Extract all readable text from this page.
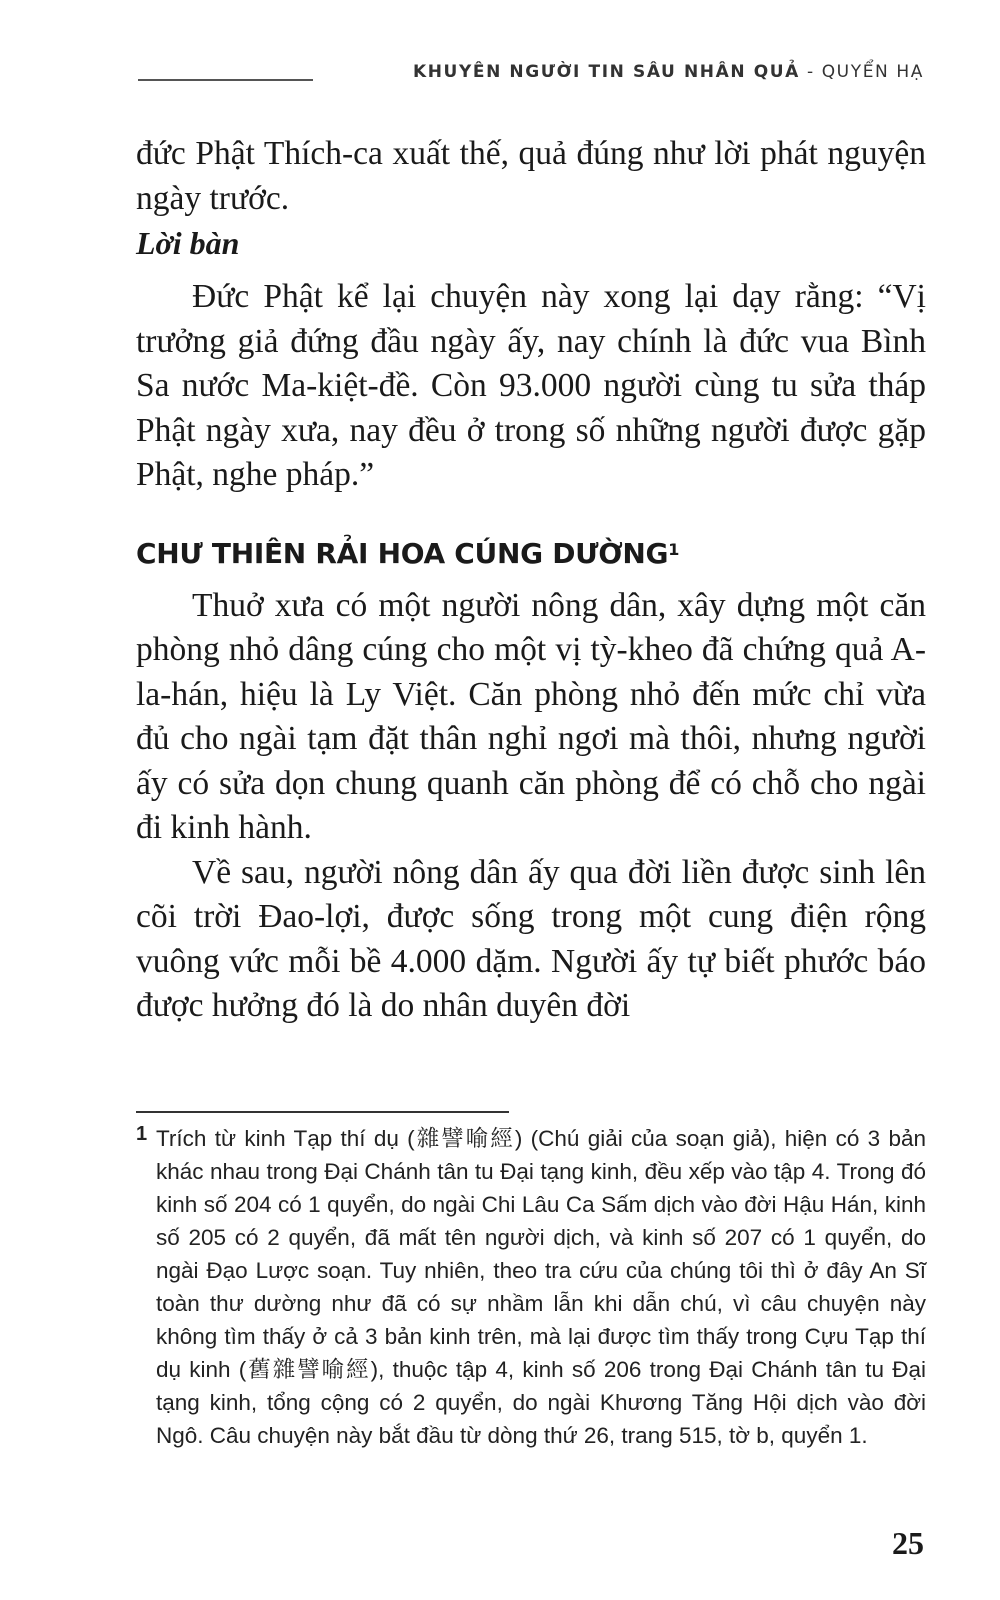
KHUYÊN NGƯỜI TIN SÂU NHÂN QUẢ - QUYỂN HẠ

đức Phật Thích-ca xuất thế, quả đúng như lời phát nguyện ngày trước.

Lời bàn

Đức Phật kể lại chuyện này xong lại dạy rằng: “Vị trưởng giả đứng đầu ngày ấy, nay chính là đức vua Bình Sa nước Ma-kiệt-đề. Còn 93.000 người cùng tu sửa tháp Phật ngày xưa, nay đều ở trong số những người được gặp Phật, nghe pháp.”

CHƯ THIÊN RẢI HOA CÚNG DƯỜNG$^1$

Thuở xưa có một người nông dân, xây dựng một căn phòng nhỏ dâng cúng cho một vị tỳ-kheo đã chứng quả A-la-hán, hiệu là Ly Việt. Căn phòng nhỏ đến mức chỉ vừa đủ cho ngài tạm đặt thân nghỉ ngơi mà thôi, nhưng người ấy có sửa dọn chung quanh căn phòng để có chỗ cho ngài đi kinh hành.

Về sau, người nông dân ấy qua đời liền được sinh lên cõi trời Đao-lợi, được sống trong một cung điện rộng vuông vức mỗi bề 4.000 dặm. Người ấy tự biết phước báo được hưởng đó là do nhân duyên đời

1 Trích từ kinh Tạp thí dụ (雜譬喻經) (Chú giải của soạn giả), hiện có 3 bản khác nhau trong Đại Chánh tân tu Đại tạng kinh, đều xếp vào tập 4. Trong đó kinh số 204 có 1 quyển, do ngài Chi Lâu Ca Sấm dịch vào đời Hậu Hán, kinh số 205 có 2 quyển, đã mất tên người dịch, và kinh số 207 có 1 quyển, do ngài Đạo Lược soạn. Tuy nhiên, theo tra cứu của chúng tôi thì ở đây An Sĩ toàn thư dường như đã có sự nhầm lẫn khi dẫn chú, vì câu chuyện này không tìm thấy ở cả 3 bản kinh trên, mà lại được tìm thấy trong Cựu Tạp thí dụ kinh (舊雜譬喻經), thuộc tập 4, kinh số 206 trong Đại Chánh tân tu Đại tạng kinh, tổng cộng có 2 quyển, do ngài Khương Tăng Hội dịch vào đời Ngô. Câu chuyện này bắt đầu từ dòng thứ 26, trang 515, tờ b, quyển 1.
25
